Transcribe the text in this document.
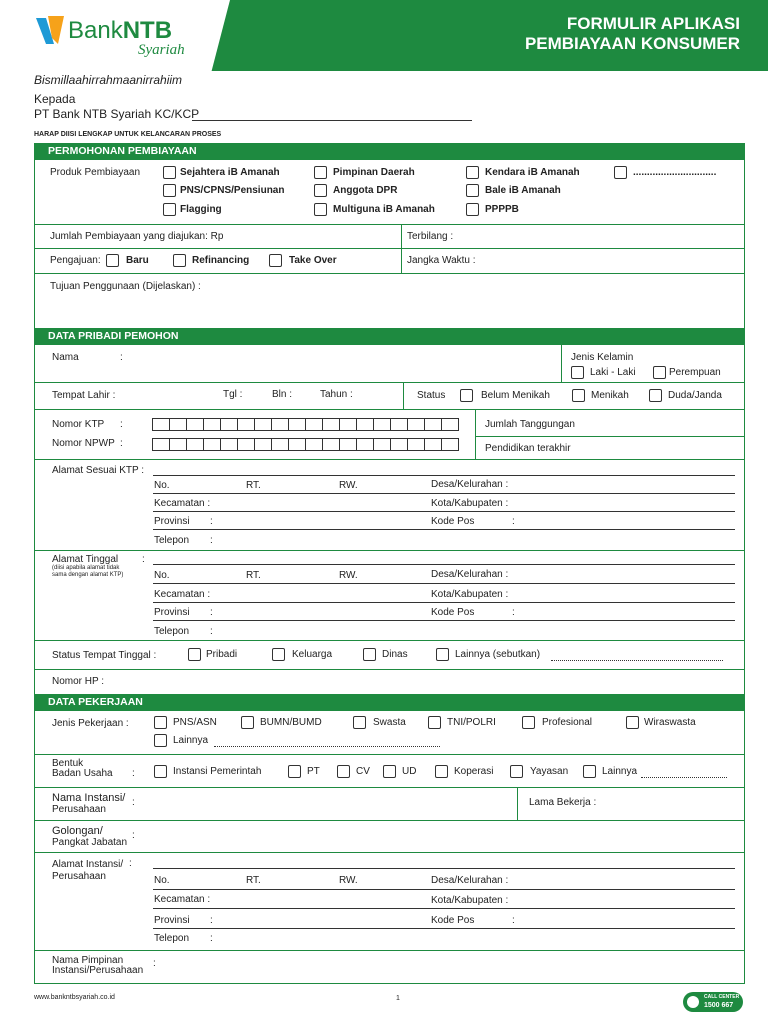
BankNTB
Syariah
FORMULIR APLIKASI
PEMBIAYAAN KONSUMER
Bismillaahirrahmaanirrahiim
Kepada
PT Bank NTB Syariah KC/KCP
HARAP DIISI LENGKAP UNTUK KELANCARAN PROSES
PERMOHONAN PEMBIAYAAN
Produk Pembiayaan	Sejahtera iB Amanah	Pimpinan Daerah	Kendara iB Amanah	..............................
PNS/CPNS/Pensiunan	Anggota DPR	Bale iB Amanah
Flagging	Multiguna iB Amanah	PPPPB
Jumlah Pembiayaan yang diajukan: Rp	Terbilang :
Pengajuan:	Baru	Refinancing	Take Over	Jangka Waktu :
Tujuan Penggunaan (Dijelaskan) :
DATA PRIBADI PEMOHON
Nama	:	Jenis Kelamin
Laki - Laki	Perempuan
Tempat Lahir :	Tgl :	Bln :	Tahun :	Status	Belum Menikah	Menikah	Duda/Janda
Nomor KTP :
Nomor NPWP :
Jumlah Tanggungan
Pendidikan terakhir
Alamat Sesuai KTP :
No.	RT.	RW.	Desa/Kelurahan :
Kecamatan :	Kota/Kabupaten :
Provinsi :	Kode Pos	:
Telepon :
Alamat Tinggal :
(diisi apabila alamat tidak sama dengan alamat KTP)	No.	RT.	RW.	Desa/Kelurahan :
Kecamatan :	Kota/Kabupaten :
Provinsi :	Kode Pos	:
Telepon :
Status Tempat Tinggal :	Pribadi	Keluarga	Dinas	Lainnya (sebutkan)
Nomor HP :
DATA PEKERJAAN
Jenis Pekerjaan :	PNS/ASN	BUMN/BUMD	Swasta	TNI/POLRI	Profesional	Wiraswasta
Lainnya
Bentuk
Badan Usaha :	Instansi Pemerintah	PT	CV	UD	Koperasi	Yayasan	Lainnya
Nama Instansi/
Perusahaan
:	Lama Bekerja :
Golongan/
Pangkat Jabatan
:
Alamat Instansi/ :
Perusahaan	No.	RT.	RW.	Desa/Kelurahan :
Kecamatan :	Kota/Kabupaten :
Provinsi :	Kode Pos	:
Telepon :
Nama Pimpinan
Instansi/Perusahaan
:
www.bankntbsyariah.co.id	1	CALL CENTER
1500 667
